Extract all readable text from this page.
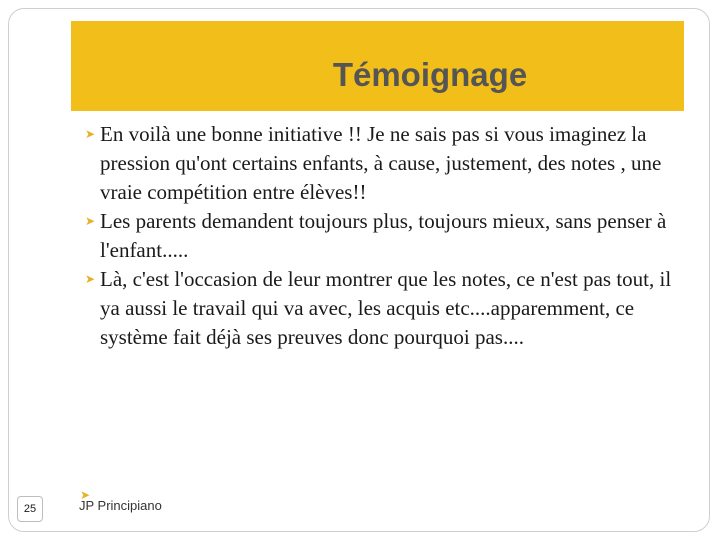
Témoignage

➤ En voilà une bonne initiative !! Je ne sais pas si vous imaginez la pression qu'ont certains enfants, à cause, justement, des notes , une vraie compétition entre élèves!!

➤ Les parents demandent toujours plus, toujours mieux, sans penser à l'enfant.....

➤ Là, c'est l'occasion de leur montrer que les notes, ce n'est pas tout, il ya aussi le travail qui va avec, les acquis etc....apparemment, ce système fait déjà ses preuves donc pourquoi pas....

25
➤
JP Principiano
